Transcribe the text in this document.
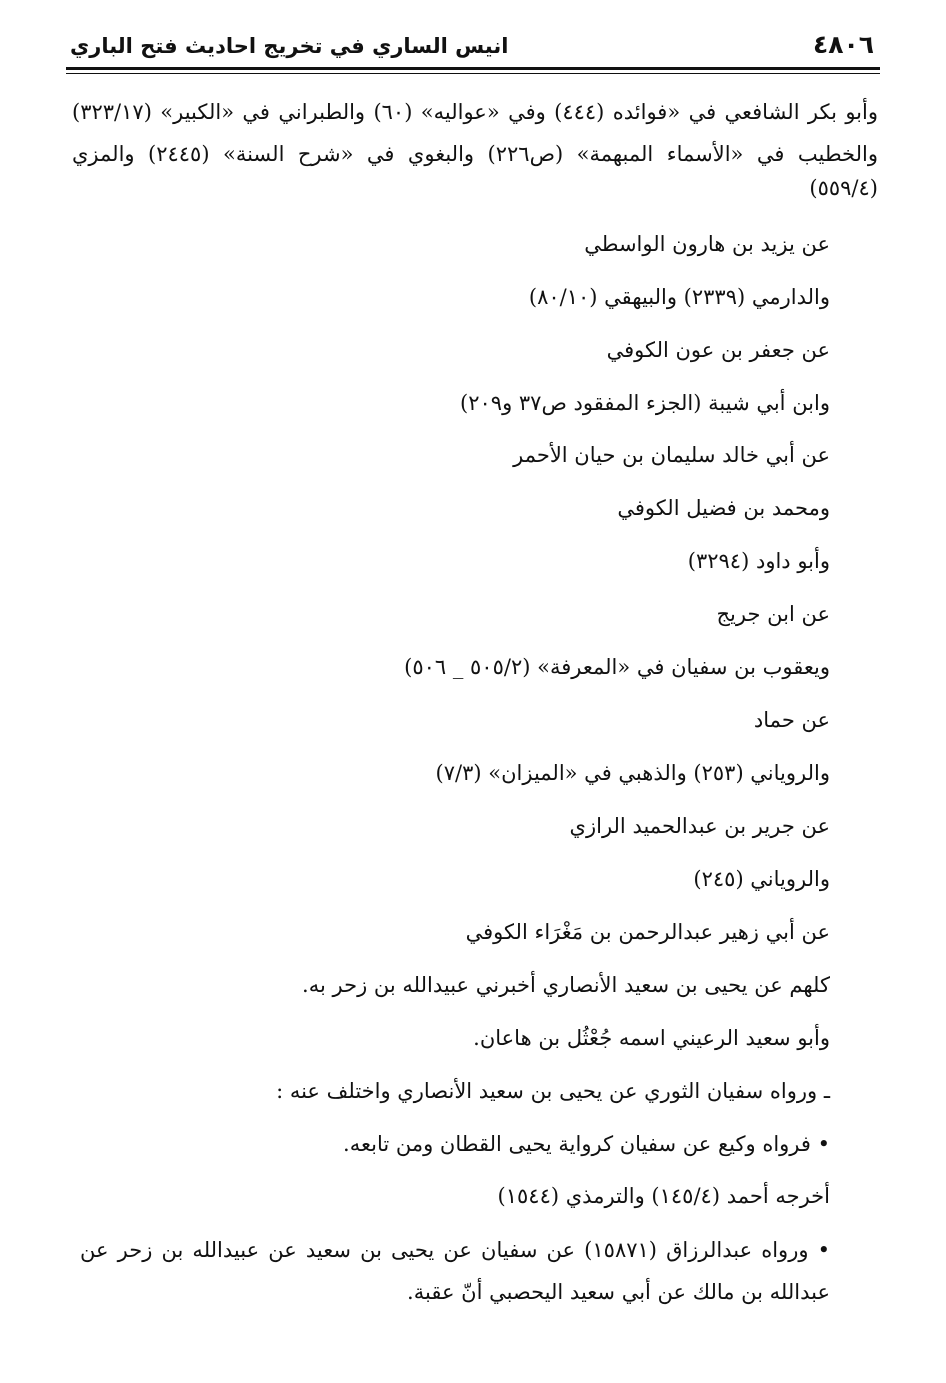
انيس الساري في تخريج احاديث فتح الباري	٤٨٠٦
وأبو بكر الشافعي في «فوائده (٤٤٤) وفي «عواليه» (٦٠) والطبراني في «الكبير» (٣٢٣/١٧)
والخطيب في «الأسماء المبهمة» (ص٢٢٦) والبغوي في «شرح السنة» (٢٤٤٥) والمزي
(٥٥٩/٤)
عن يزيد بن هارون الواسطي
والدارمي (٢٣٣٩) والبيهقي (٨٠/١٠)
عن جعفر بن عون الكوفي
وابن أبي شيبة (الجزء المفقود ص٣٧ و٢٠٩)
عن أبي خالد سليمان بن حيان الأحمر
ومحمد بن فضيل الكوفي
وأبو داود (٣٢٩٤)
عن ابن جريج
ويعقوب بن سفيان في «المعرفة» (٥٠٥/٢ _ ٥٠٦)
عن حماد
والروياني (٢٥٣) والذهبي في «الميزان» (٧/٣)
عن جرير بن عبدالحميد الرازي
والروياني (٢٤٥)
عن أبي زهير عبدالرحمن بن مَغْرَاء الكوفي
كلهم عن يحيى بن سعيد الأنصاري أخبرني عبيدالله بن زحر به.
وأبو سعيد الرعيني اسمه جُعْثُل بن هاعان.
ـ ورواه سفيان الثوري عن يحيى بن سعيد الأنصاري واختلف عنه :
• فرواه وكيع عن سفيان كرواية يحيى القطان ومن تابعه.
أخرجه أحمد (١٤٥/٤) والترمذي (١٥٤٤)
• ورواه عبدالرزاق (١٥٨٧١) عن سفيان عن يحيى بن سعيد عن عبيدالله بن زحر عن
عبدالله بن مالك عن أبي سعيد اليحصبي أنّ عقبة.
